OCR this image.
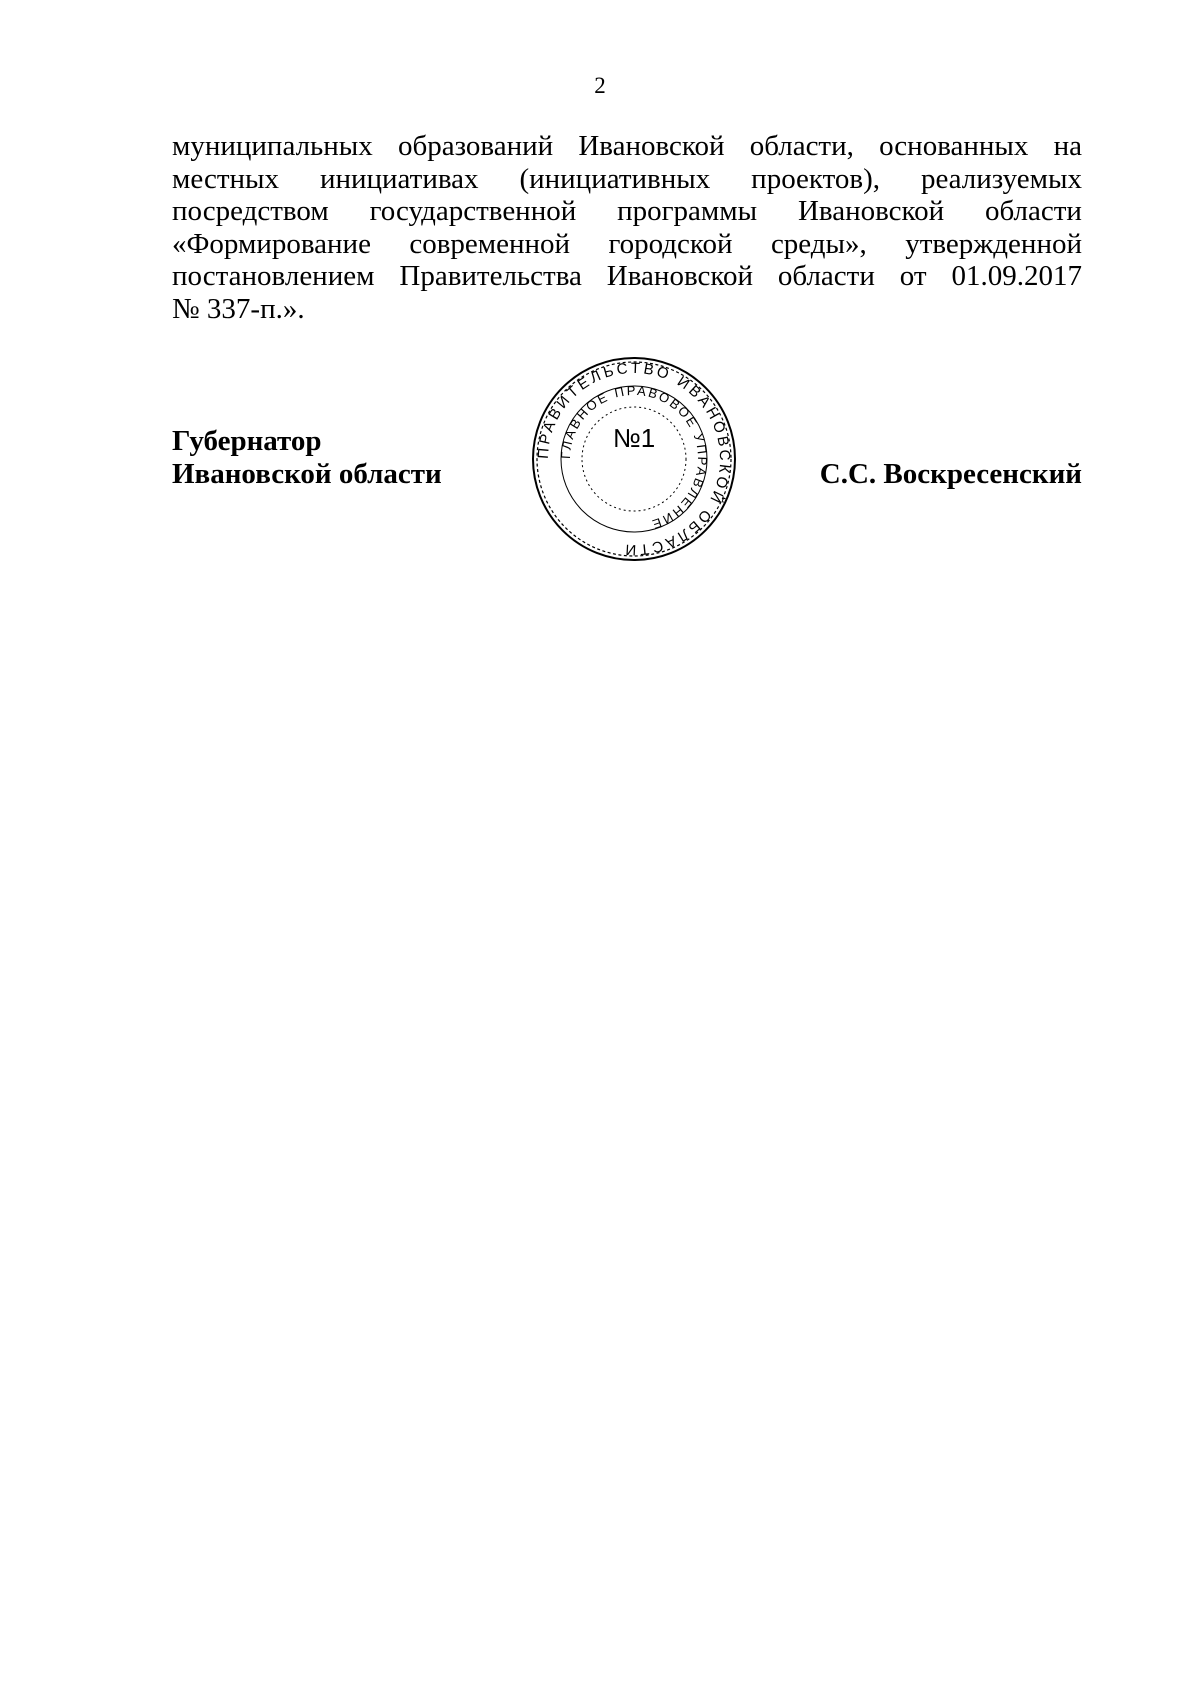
2
муниципальных образований Ивановской области, основанных на
местных инициативах (инициативных проектов), реализуемых
посредством государственной программы Ивановской области
«Формирование современной городской среды», утвержденной
постановлением Правительства Ивановской области от 01.09.2017
№ 337-п.».
Губернатор
Ивановской области	С.С. Воскресенский
ПРАВИТЕЛЬСТВО ИВАНОВСКОЙ ОБЛАСТИ
ГЛАВНОЕ ПРАВОВОЕ УПРАВЛЕНИЕ
№1
